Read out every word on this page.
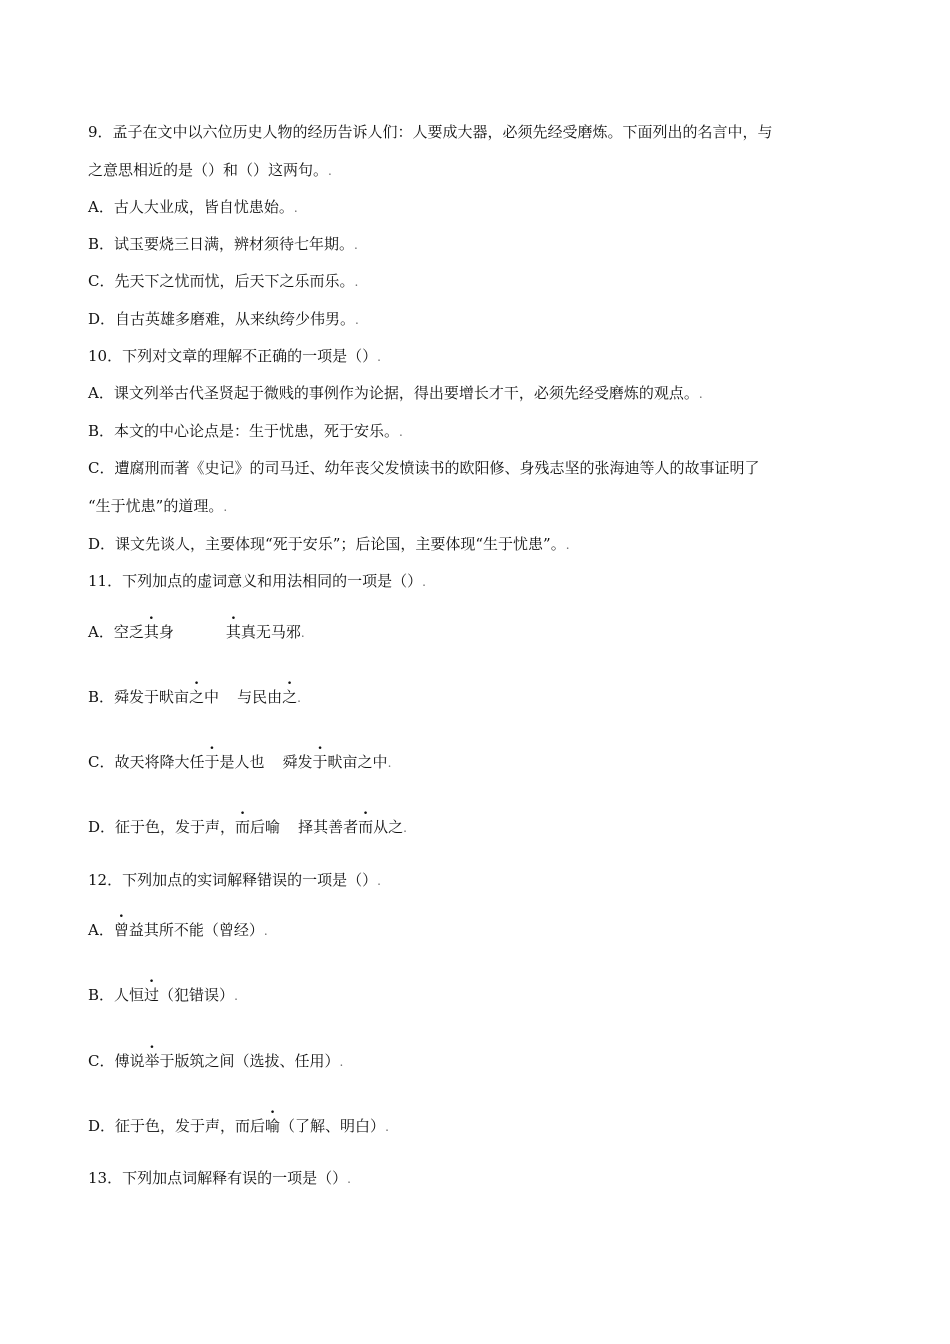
9．孟子在文中以六位历史人物的经历告诉人们：人要成大器，必须先经受磨炼。下面列出的名言中，与
之意思相近的是（）和（）这两句。.
A．古人大业成，皆自忧患始。.
B．试玉要烧三日满，辨材须待七年期。.
C．先天下之忧而忧，后天下之乐而乐。.
D．自古英雄多磨难，从来纨绔少伟男。.
10．下列对文章的理解不正确的一项是（）.
A．课文列举古代圣贤起于微贱的事例作为论据，得出要增长才干，必须先经受磨炼的观点。.
B．本文的中心论点是：生于忧患，死于安乐。.
C．遭腐刑而著《史记》的司马迁、幼年丧父发愤读书的欧阳修、身残志坚的张海迪等人的故事证明了
“生于忧患”的道理。.
D．课文先谈人，主要体现“死于安乐”；后论国，主要体现“生于忧患”。.
11．下列加点的虚词意义和用法相同的一项是（）.
A．空乏其身	其真无马邪.
B．舜发于畎亩之中 与民由之.
C．故天将降大任于是人也 舜发于畎亩之中.
D．征于色，发于声，而后喻 择其善者而从之.
12．下列加点的实词解释错误的一项是（）.
A．曾益其所不能（曾经）.
B．人恒过（犯错误）.
C．傅说举于版筑之间（选拔、任用）.
D．征于色，发于声，而后喻（了解、明白）.
13．下列加点词解释有误的一项是（）.
